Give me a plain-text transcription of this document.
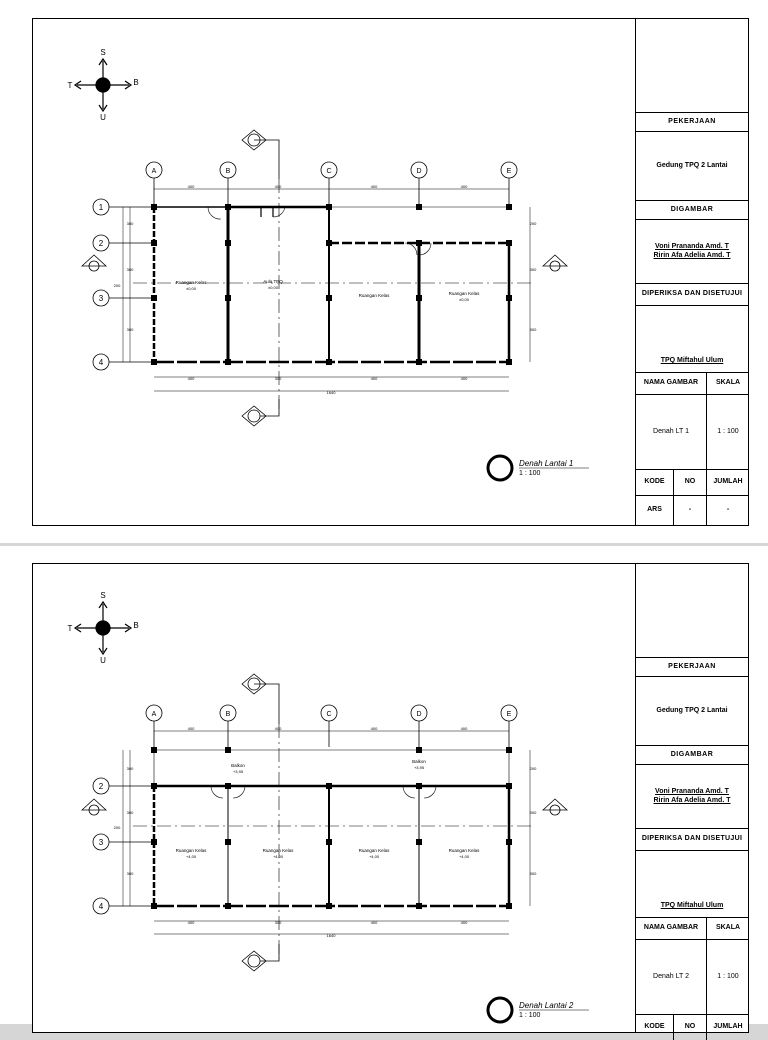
S
U
T	B
A	B	C	D	E
400	400	400	400
1
2
3
4
200
300
300
300
200
300
300
Ruangan Kelas
±0,00
Aula TPQ
±0,00
Ruangan Kelas	Ruangan Kelas
±0,00
400	300	400	400
1640
Denah Lantai 1
1 : 100
PEKERJAAN
Gedung TPQ 2 Lantai
DIGAMBAR
Voni Prananda Amd. T
Ririn Afa Adelia Amd. T
DIPERIKSA DAN DISETUJUI
TPQ Miftahul Ulum
NAMA GAMBAR	SKALA
Denah LT 1	1 : 100
KODE	NO	JUMLAH
ARS	-	-
S
U
T	B
A	B	C	D	E
400	400	400	400
2
3
4
200
300
300
300
200
300
300
Balkon
+3,95
Balkon
+3,95
Ruangan Kelas
+4,00
Ruangan Kelas
+4,00
Ruangan Kelas
+4,00
Ruangan Kelas
+4,00
400	300	400	400
1640
Denah Lantai 2
1 : 100
PEKERJAAN
Gedung TPQ 2 Lantai
DIGAMBAR
Voni Prananda Amd. T
Ririn Afa Adelia Amd. T
DIPERIKSA DAN DISETUJUI
TPQ Miftahul Ulum
NAMA GAMBAR	SKALA
Denah LT 2	1 : 100
KODE	NO	JUMLAH
